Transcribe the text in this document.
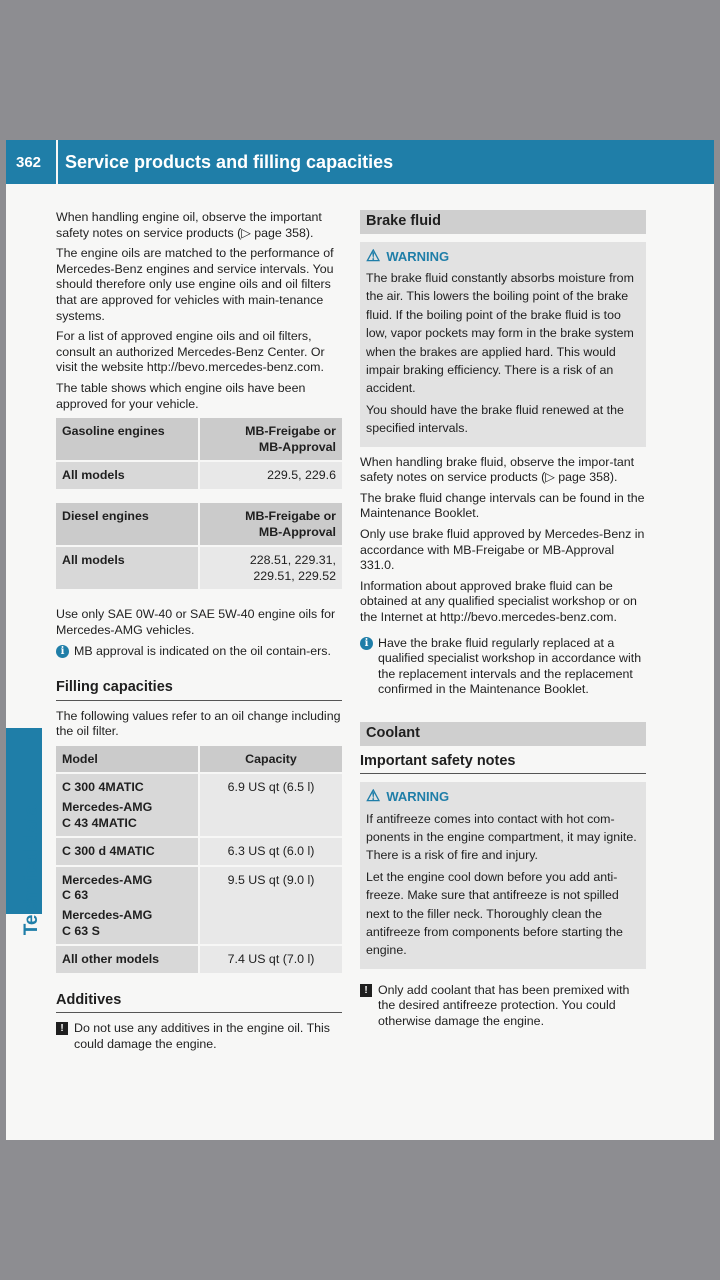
362 Service products and filling capacities
Technical data

When handling engine oil, observe the important safety notes on service products (▷ page 358).

The engine oils are matched to the performance of Mercedes-Benz engines and service intervals. You should therefore only use engine oils and oil filters that are approved for vehicles with main-tenance systems.

For a list of approved engine oils and oil filters, consult an authorized Mercedes-Benz Center. Or visit the website http://bevo.mercedes-benz.com.

The table shows which engine oils have been approved for your vehicle.

Gasoline engines	MB-Freigabe or
MB-Approval

All models	229.5, 229.6
Diesel engines	MB-Freigabe or
MB-Approval

All models	228.51, 229.31,
229.51, 229.52

Use only SAE 0W-40 or SAE 5W-40 engine oils for Mercedes-AMG vehicles.

i MB approval is indicated on the oil contain-ers.
Filling capacities

The following values refer to an oil change including the oil filter.

Model	Capacity

C 300 4MATIC
Mercedes-AMG
C 43 4MATIC	6.9 US qt (6.5 l)
C 300 d 4MATIC	6.3 US qt (6.0 l)

Mercedes-AMG
C 63
Mercedes-AMG
C 63 S	9.5 US qt (9.0 l)
All other models	7.4 US qt (7.0 l)
Additives
! Do not use any additives in the engine oil. This could damage the engine.
Brake fluid
⚠ WARNING

The brake fluid constantly absorbs moisture from the air. This lowers the boiling point of the brake fluid. If the boiling point of the brake fluid is too low, vapor pockets may form in the brake system when the brakes are applied hard. This would impair braking efficiency. There is a risk of an accident.

You should have the brake fluid renewed at the specified intervals.

When handling brake fluid, observe the impor-tant safety notes on service products (▷ page 358).

The brake fluid change intervals can be found in the Maintenance Booklet.

Only use brake fluid approved by Mercedes-Benz in accordance with MB-Freigabe or MB-Approval 331.0.

Information about approved brake fluid can be obtained at any qualified specialist workshop or on the Internet at http://bevo.mercedes-benz.com.

i Have the brake fluid regularly replaced at a qualified specialist workshop in accordance with the replacement intervals and the replacement confirmed in the Maintenance Booklet.
Coolant
Important safety notes
⚠ WARNING

If antifreeze comes into contact with hot com-ponents in the engine compartment, it may ignite. There is a risk of fire and injury.

Let the engine cool down before you add anti-freeze. Make sure that antifreeze is not spilled next to the filler neck. Thoroughly clean the antifreeze from components before starting the engine.

! Only add coolant that has been premixed with the desired antifreeze protection. You could otherwise damage the engine.
